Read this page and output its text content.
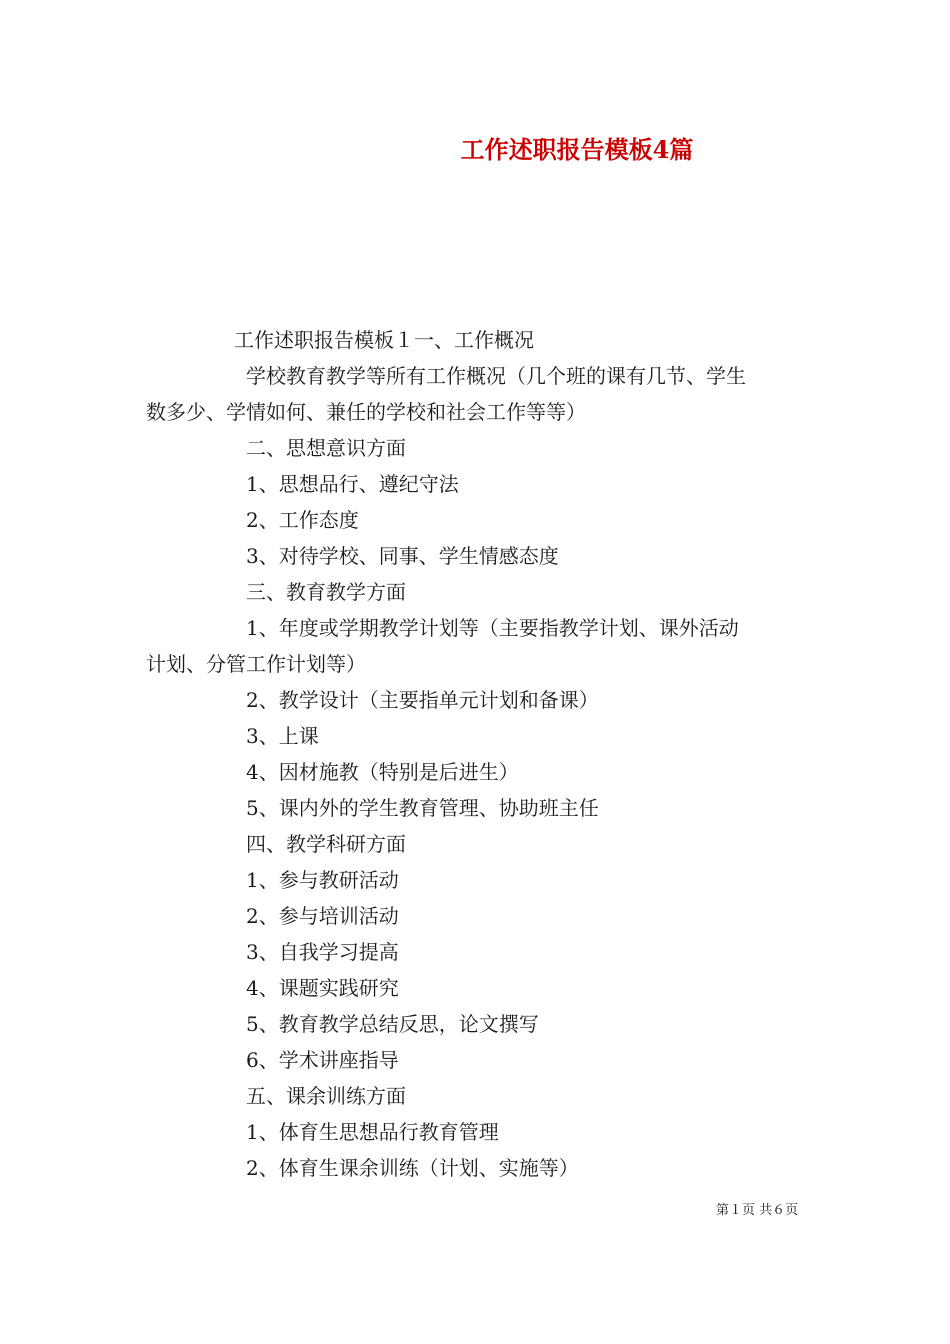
工作述职报告模板4篇
工作述职报告模板１一、工作概况
学校教育教学等所有工作概况（几个班的课有几节、学生
数多少、学情如何、兼任的学校和社会工作等等）
二、思想意识方面
1、思想品行、遵纪守法
2、工作态度
3、对待学校、同事、学生情感态度
三、教育教学方面
1、年度或学期教学计划等（主要指教学计划、课外活动
计划、分管工作计划等）
2、教学设计（主要指单元计划和备课）
3、上课
4、因材施教（特别是后进生）
5、课内外的学生教育管理、协助班主任
四、教学科研方面
1、参与教研活动
2、参与培训活动
3、自我学习提高
4、课题实践研究
5、教育教学总结反思，论文撰写
6、学术讲座指导
五、课余训练方面
1、体育生思想品行教育管理
2、体育生课余训练（计划、实施等）
第１页 共６页
